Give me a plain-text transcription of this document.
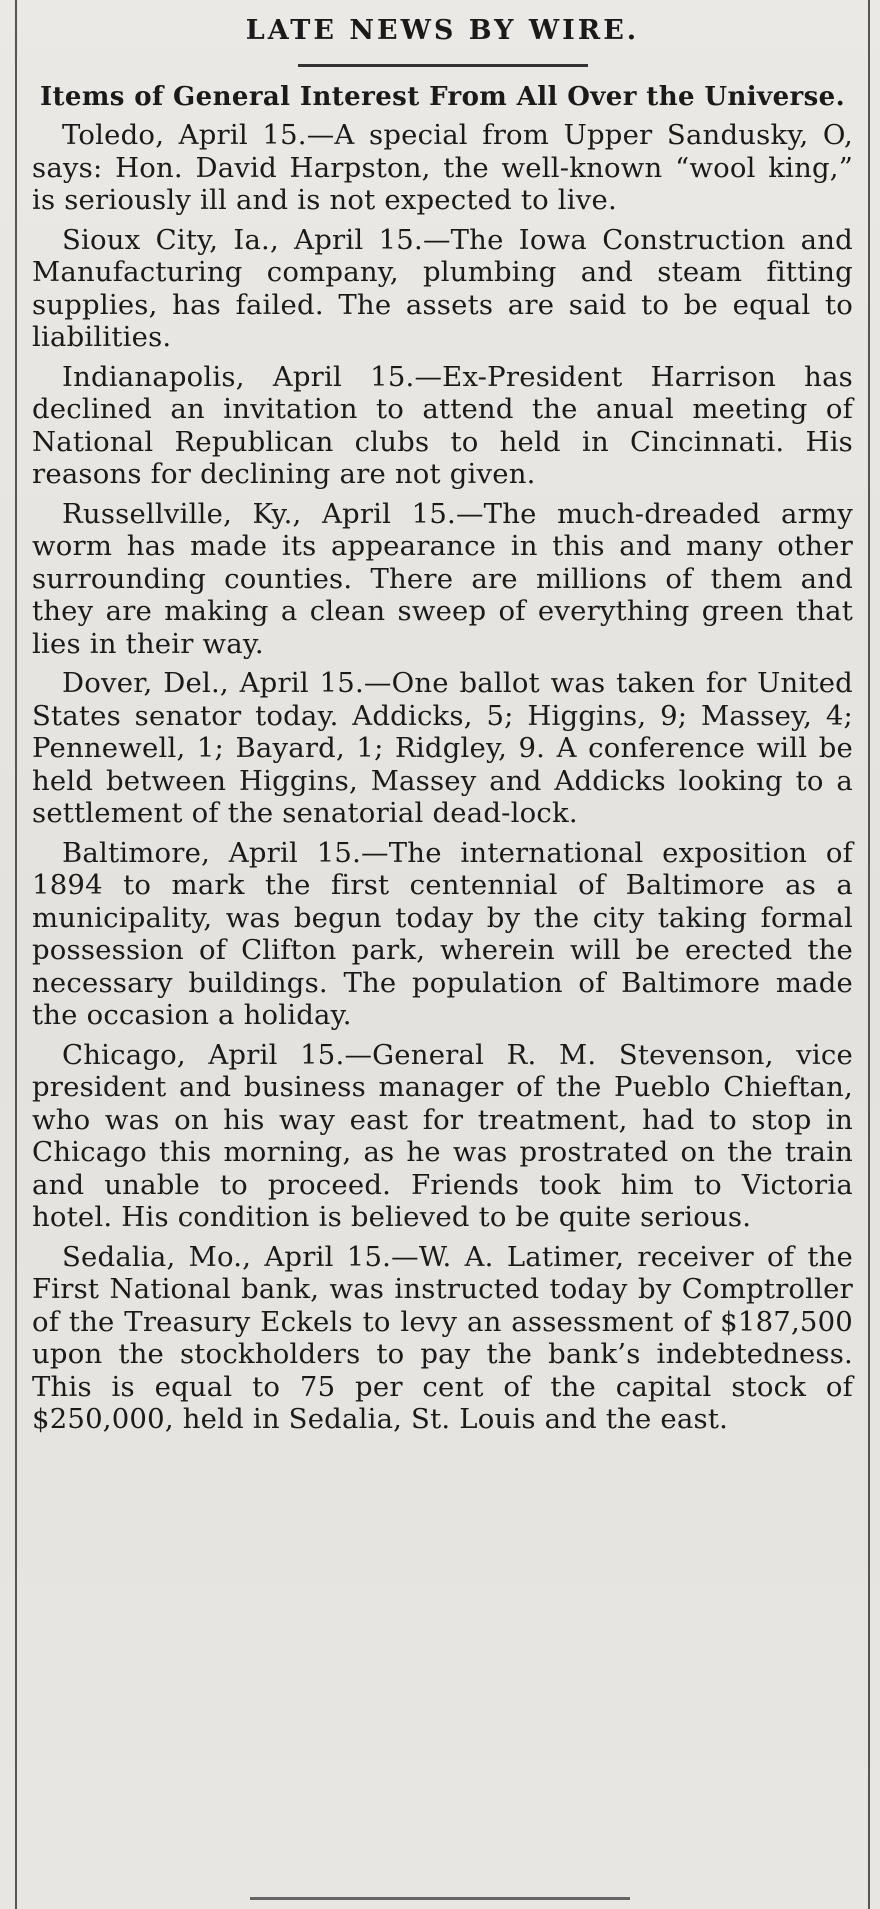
LATE NEWS BY WIRE.
Items of General Interest From All Over the Universe.

Toledo, April 15.—A special from Upper Sandusky, O, says: Hon. David Harpston, the well-known “wool king,” is seriously ill and is not expected to live.

Sioux City, Ia., April 15.—The Iowa Construction and Manufacturing company, plumbing and steam fitting supplies, has failed. The assets are said to be equal to liabilities.

Indianapolis, April 15.—Ex-President Harrison has declined an invitation to attend the anual meeting of National Republican clubs to held in Cincinnati. His reasons for declining are not given.

Russellville, Ky., April 15.—The much-dreaded army worm has made its appearance in this and many other surrounding counties. There are millions of them and they are making a clean sweep of everything green that lies in their way.

Dover, Del., April 15.—One ballot was taken for United States senator today. Addicks, 5; Higgins, 9; Massey, 4; Pennewell, 1; Bayard, 1; Ridgley, 9. A conference will be held between Higgins, Massey and Addicks looking to a settlement of the senatorial dead-lock.

Baltimore, April 15.—The international exposition of 1894 to mark the first centennial of Baltimore as a municipality, was begun today by the city taking formal possession of Clifton park, wherein will be erected the necessary buildings. The population of Baltimore made the occasion a holiday.

Chicago, April 15.—General R. M. Stevenson, vice president and business manager of the Pueblo Chieftan, who was on his way east for treatment, had to stop in Chicago this morning, as he was prostrated on the train and unable to proceed. Friends took him to Victoria hotel. His condition is believed to be quite serious.

Sedalia, Mo., April 15.—W. A. Latimer, receiver of the First National bank, was instructed today by Comptroller of the Treasury Eckels to levy an assessment of $187,500 upon the stockholders to pay the bank’s indebtedness. This is equal to 75 per cent of the capital stock of $250,000, held in Sedalia, St. Louis and the east.
